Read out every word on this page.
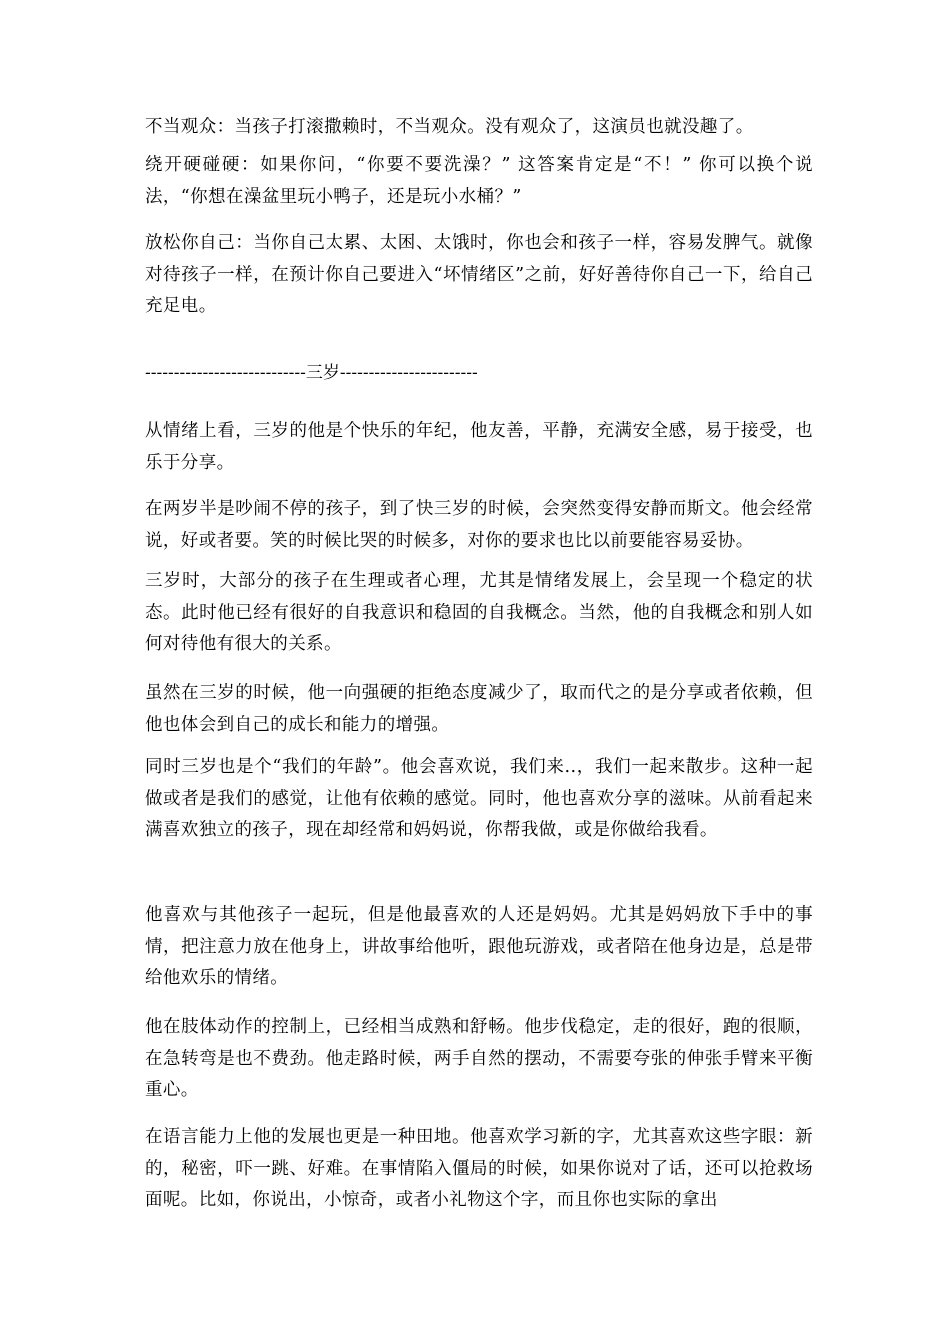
不当观众：当孩子打滚撒赖时，不当观众。没有观众了，这演员也就没趣了。

绕开硬碰硬：如果你问，“你要不要洗澡？” 这答案肯定是“不！” 你可以换个说法，“你想在澡盆里玩小鸭子，还是玩小水桶？”

放松你自己：当你自己太累、太困、太饿时，你也会和孩子一样，容易发脾气。就像对待孩子一样，在预计你自己要进入“坏情绪区”之前，好好善待你自己一下，给自己充足电。

----------------------------三岁------------------------

从情绪上看，三岁的他是个快乐的年纪，他友善，平静，充满安全感，易于接受，也乐于分享。

在两岁半是吵闹不停的孩子，到了快三岁的时候，会突然变得安静而斯文。他会经常说，好或者要。笑的时候比哭的时候多，对你的要求也比以前要能容易妥协。

三岁时，大部分的孩子在生理或者心理，尤其是情绪发展上，会呈现一个稳定的状态。此时他已经有很好的自我意识和稳固的自我概念。当然，他的自我概念和别人如何对待他有很大的关系。

虽然在三岁的时候，他一向强硬的拒绝态度减少了，取而代之的是分享或者依赖，但他也体会到自己的成长和能力的增强。

同时三岁也是个“我们的年龄”。他会喜欢说，我们来..，我们一起来散步。这种一起做或者是我们的感觉，让他有依赖的感觉。同时，他也喜欢分享的滋味。从前看起来满喜欢独立的孩子，现在却经常和妈妈说，你帮我做，或是你做给我看。

他喜欢与其他孩子一起玩，但是他最喜欢的人还是妈妈。尤其是妈妈放下手中的事情，把注意力放在他身上，讲故事给他听，跟他玩游戏，或者陪在他身边是，总是带给他欢乐的情绪。

他在肢体动作的控制上，已经相当成熟和舒畅。他步伐稳定，走的很好，跑的很顺，在急转弯是也不费劲。他走路时候，两手自然的摆动，不需要夸张的伸张手臂来平衡重心。

在语言能力上他的发展也更是一种田地。他喜欢学习新的字，尤其喜欢这些字眼：新的，秘密，吓一跳、好难。在事情陷入僵局的时候，如果你说对了话，还可以抢救场面呢。比如，你说出，小惊奇，或者小礼物这个字，而且你也实际的拿出
